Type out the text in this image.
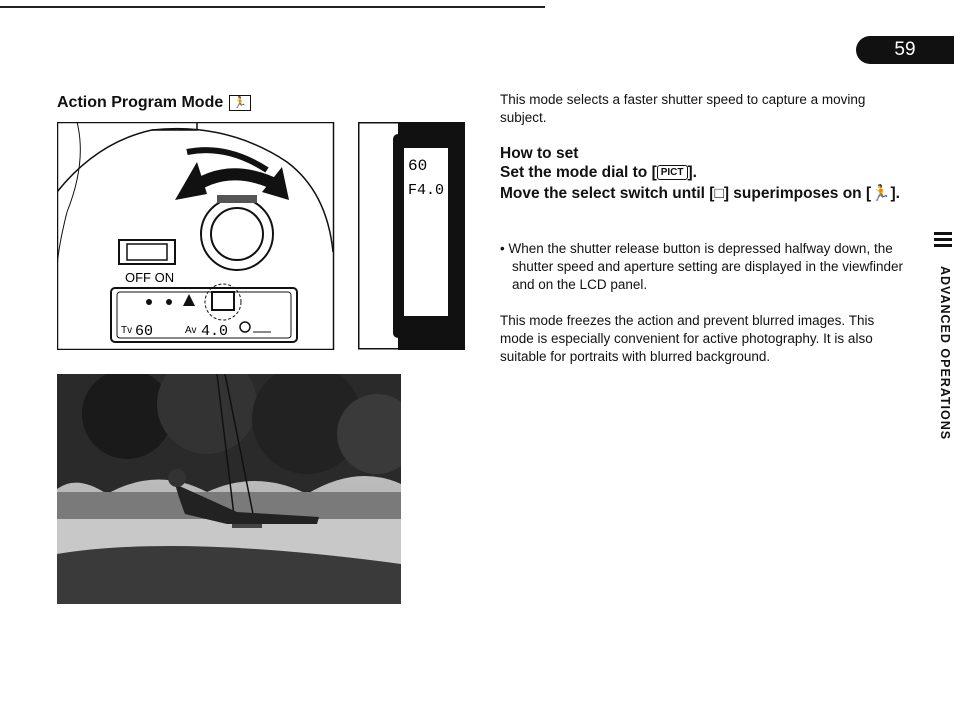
59
Action Program Mode 🏃
OFF ON
Tv 60	Av 4.0
60
F4.0

This mode selects a faster shutter speed to capture a moving subject.

How to set

Set the mode dial to [ PICT ].

Move the select switch until [□] superimposes on [🏃].

• When the shutter release button is depressed halfway down, the shutter speed and aperture setting are displayed in the viewfinder and on the LCD panel.

This mode freezes the action and prevent blurred images. This mode is especially convenient for active photography. It is also suitable for portraits with blurred background.	ADVANCED OPERATIONS
